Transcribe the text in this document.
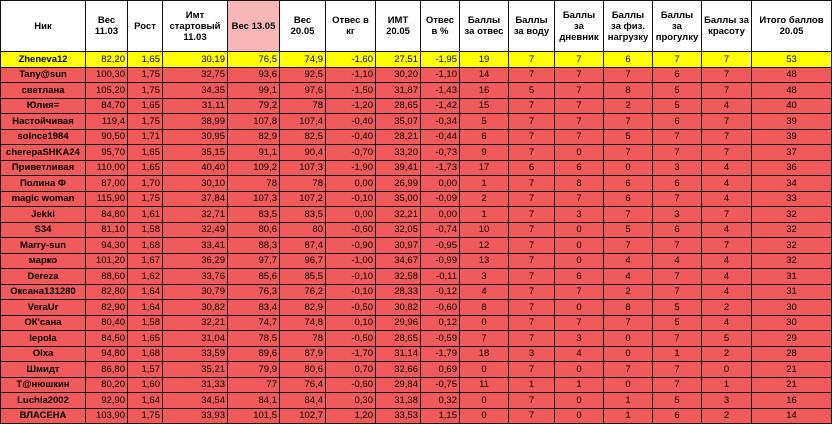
Ник	Вес 11.03	Рост	Имт стартовый 11.03	Вес 13.05	Вес 20.05	Отвес в кг	ИМТ 20.05	Отвес в %	Баллы за отвес	Баллы за воду	Баллы за дневник	Баллы за физ. нагрузку	Баллы за прогулку	Баллы за красоту	Итого баллов 20.05
Zheneva12	82,20	1,65	30,19	76,5	74,9	-1,60	27,51	-1,95	19	7	7	6	7	7	53
Tany@sun	100,30	1,75	32,75	93,6	92,5	-1,10	30,20	-1,10	14	7	7	7	6	7	48
светлана	105,20	1,75	34,35	99,1	97,6	-1,50	31,87	-1,43	16	5	7	8	5	7	48
Юлия=	84,70	1,65	31,11	79,2	78	-1,20	28,65	-1,42	15	7	7	2	5	4	40
Настойчивая	119,4	1,75	38,99	107,8	107,4	-0,40	35,07	-0,34	5	7	7	7	6	7	39
solnce1984	90,50	1,71	30,95	82,9	82,5	-0,40	28,21	-0,44	6	7	7	5	7	7	39
cherepaSHKA24	95,70	1,65	35,15	91,1	90,4	-0,70	33,20	-0,73	9	7	0	7	7	7	37
Приветливая	110,00	1,65	40,40	109,2	107,3	-1,90	39,41	-1,73	17	6	6	0	3	4	36
Полина Ф	87,00	1,70	30,10	78	78	0,00	26,99	0,00	1	7	8	6	6	4	34
magic woman	115,90	1,75	37,84	107,3	107,2	-0,10	35,00	-0,09	2	7	7	6	7	4	33
Jekki	84,80	1,61	32,71	83,5	83,5	0,00	32,21	0,00	1	7	3	7	3	7	32
S34	81,10	1,58	32,49	80,6	80	-0,60	32,05	-0,74	10	7	0	5	6	4	32
Marry-sun	94,30	1,68	33,41	88,3	87,4	-0,90	30,97	-0,95	12	7	0	7	7	7	32
марко	101,20	1,67	36,29	97,7	96,7	-1,00	34,67	-0,99	13	7	0	4	4	4	32
Dereza	88,60	1,62	33,76	85,6	85,5	-0,10	32,58	-0,11	3	7	6	4	7	4	31
Оксана131280	82,80	1,64	30,79	76,3	76,2	-0,10	28,33	-0,12	4	7	7	2	7	4	31
VeraUr	82,90	1,64	30,82	83,4	82,9	-0,50	30,82	-0,60	8	7	0	8	5	2	30
ОК'сана	80,40	1,58	32,21	74,7	74,8	0,10	29,96	0,12	0	7	7	7	5	4	30
lepola	84,50	1,65	31,04	78,5	78	-0,50	28,65	-0,59	7	7	3	0	7	5	29
Olxa	94,80	1,68	33,59	89,6	87,9	-1,70	31,14	-1,79	18	3	4	0	1	2	28
Шмидт	86,80	1,57	35,21	79,9	80,6	0,70	32,66	0,69	0	7	0	7	7	0	21
T@нюшкин	80,20	1,60	31,33	77	76,4	-0,60	29,84	-0,75	11	1	1	0	7	1	21
Luchia2002	92,90	1,64	34,54	84,1	84,4	0,30	31,38	0,32	0	7	0	1	5	3	16
ВЛАСЕНА	103,90	1,75	33,93	101,5	102,7	1,20	33,53	1,15	0	7	0	1	6	2	14
